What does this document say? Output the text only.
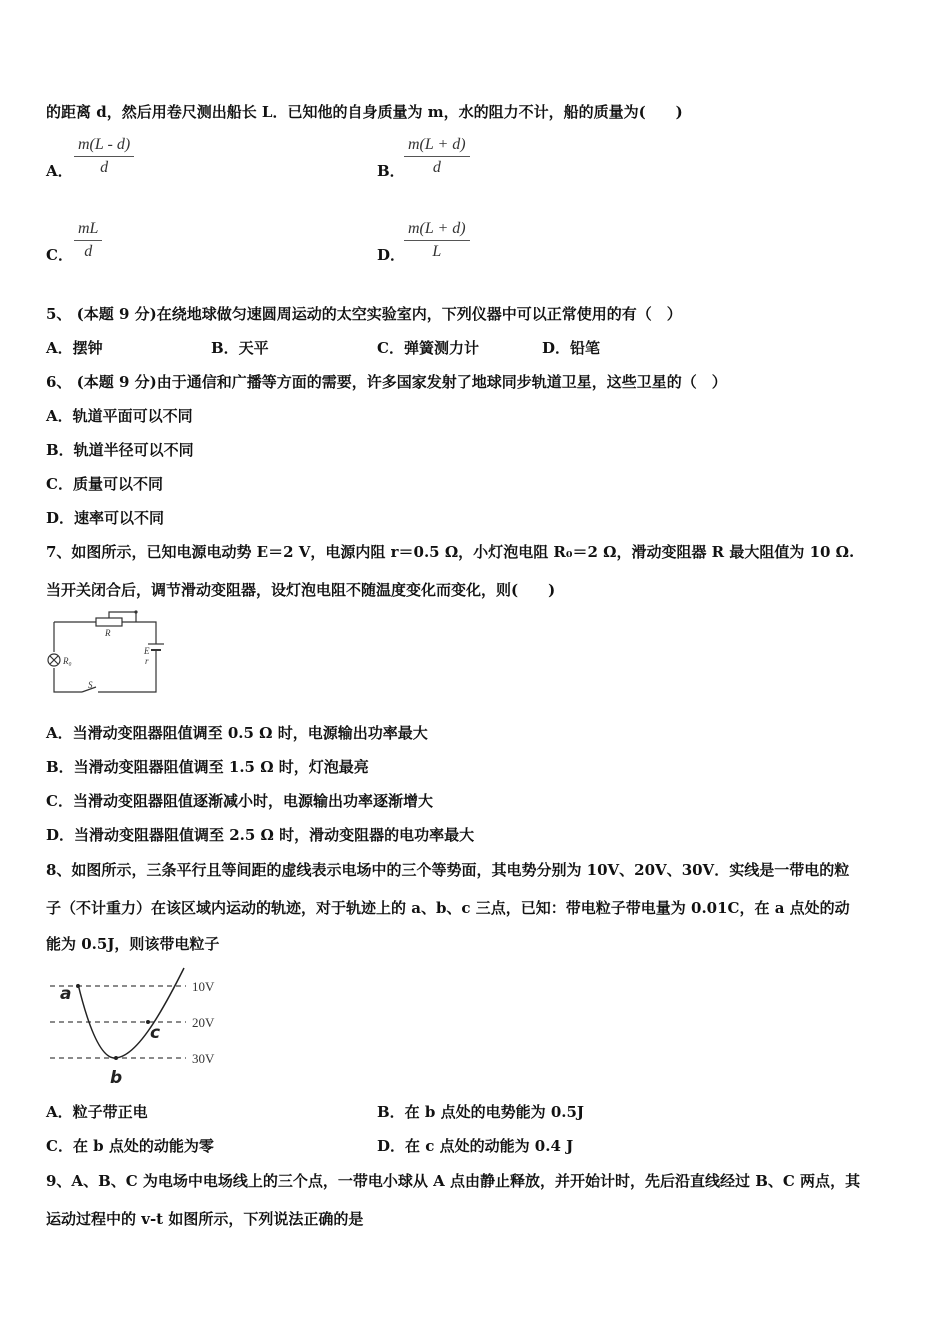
的距离 d，然后用卷尺测出船长 L．已知他的自身质量为 m，水的阻力不计，船的质量为(　　)
A． $\frac{m(L - d)}{d}$	B． $\frac{m(L + d)}{d}$
C． $\frac{mL}{d}$	D．
$\frac{m(L + d)}{L}$
5、 (本题 9 分)在绕地球做匀速圆周运动的太空实验室内，下列仪器中可以正常使用的有（　）
A．摆钟	B．天平	C．弹簧测力计	D．铅笔
6、 (本题 9 分)由于通信和广播等方面的需要，许多国家发射了地球同步轨道卫星，这些卫星的（　）
A．轨道平面可以不同
B．轨道半径可以不同
C．质量可以不同
D．速率可以不同
7、如图所示，已知电源电动势 E＝2 V，电源内阻 r＝0.5 Ω，小灯泡电阻 R₀＝2 Ω，滑动变阻器 R 最大阻值为 10 Ω.
当开关闭合后，调节滑动变阻器，设灯泡电阻不随温度变化而变化，则(　　)
R
E
r
R₀
S
A．当滑动变阻器阻值调至 0.5 Ω 时，电源输出功率最大
B．当滑动变阻器阻值调至 1.5 Ω 时，灯泡最亮
C．当滑动变阻器阻值逐渐减小时，电源输出功率逐渐增大
D．当滑动变阻器阻值调至 2.5 Ω 时，滑动变阻器的电功率最大
8、如图所示，三条平行且等间距的虚线表示电场中的三个等势面，其电势分别为 10V、20V、30V．实线是一带电的粒
子（不计重力）在该区域内运动的轨迹，对于轨迹上的 a、b、c 三点，已知：带电粒子带电量为 0.01C，在 a 点处的动
能为 0.5J，则该带电粒子
a
b
c
10V
20V
30V
A．粒子带正电	B．在 b 点处的电势能为 0.5J
C．在 b 点处的动能为零	D．在 c 点处的动能为 0.4 J
9、A、B、C 为电场中电场线上的三个点，一带电小球从 A 点由静止释放，并开始计时，先后沿直线经过 B、C 两点，其
运动过程中的 v-t 如图所示，下列说法正确的是
